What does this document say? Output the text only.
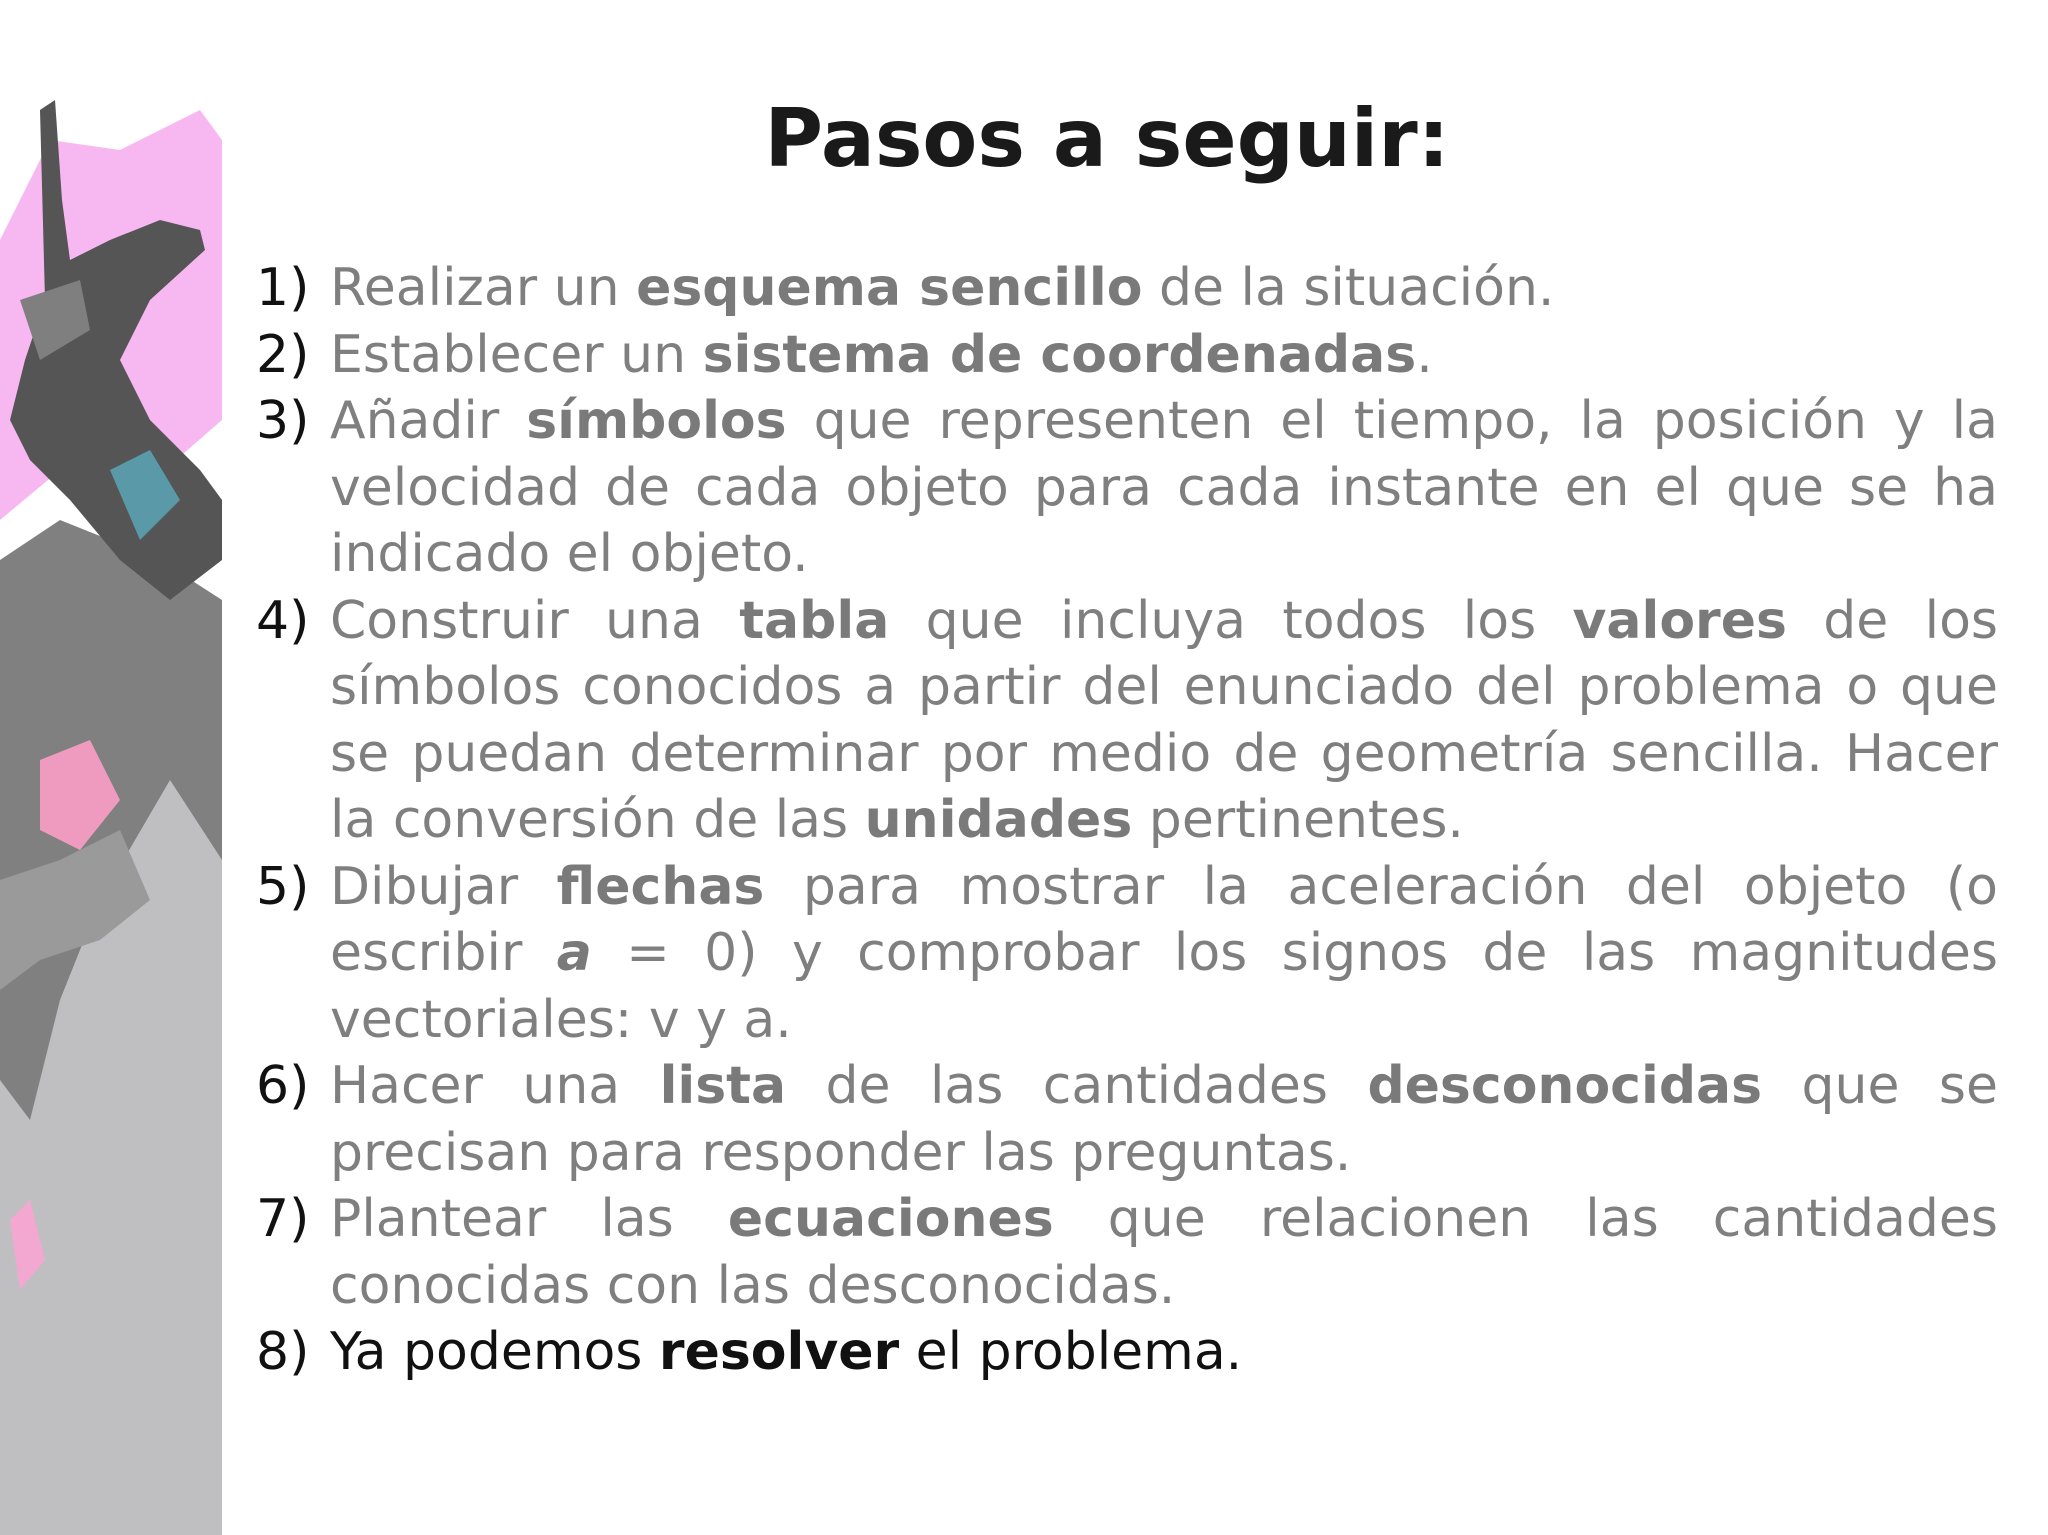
Pasos a seguir:
1) Realizar un esquema sencillo de la situación.
2) Establecer un sistema de coordenadas.
3) Añadir símbolos que representen el tiempo, la posición y la velocidad de cada objeto para cada instante en el que se ha indicado el objeto.
4) Construir una tabla que incluya todos los valores de los símbolos conocidos a partir del enunciado del problema o que se puedan determinar por medio de geometría sencilla. Hacer la conversión de las unidades pertinentes.
5) Dibujar flechas para mostrar la aceleración del objeto (o escribir a = 0) y comprobar los signos de las magnitudes vectoriales: v y a.
6) Hacer una lista de las cantidades desconocidas que se precisan para responder las preguntas.
7) Plantear las ecuaciones que relacionen las cantidades conocidas con las desconocidas.
8) Ya podemos resolver el problema.
